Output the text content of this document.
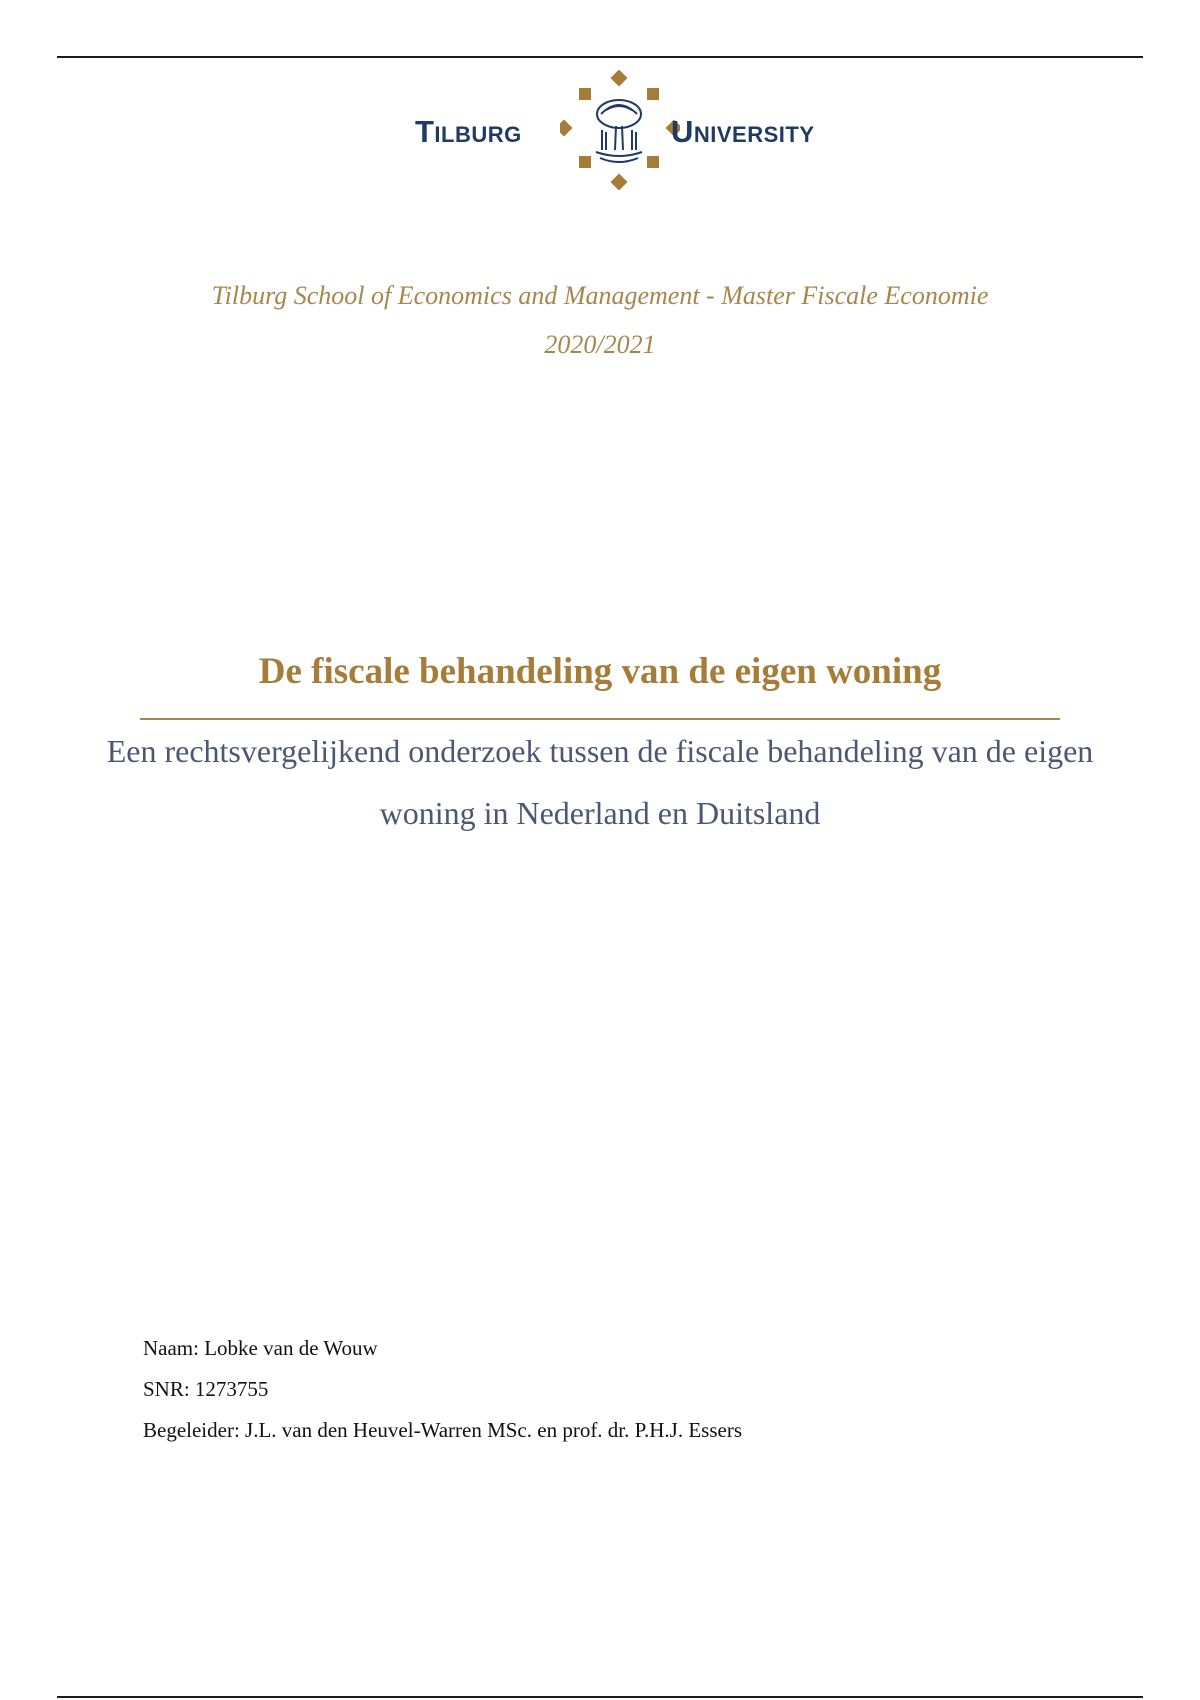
Tilburg	University
Tilburg School of Economics and Management - Master Fiscale Economie
2020/2021
De fiscale behandeling van de eigen woning
Een rechtsvergelijkend onderzoek tussen de fiscale behandeling van de eigen woning in Nederland en Duitsland
Naam: Lobke van de Wouw
SNR: 1273755
Begeleider: J.L. van den Heuvel-Warren MSc. en prof. dr. P.H.J. Essers
